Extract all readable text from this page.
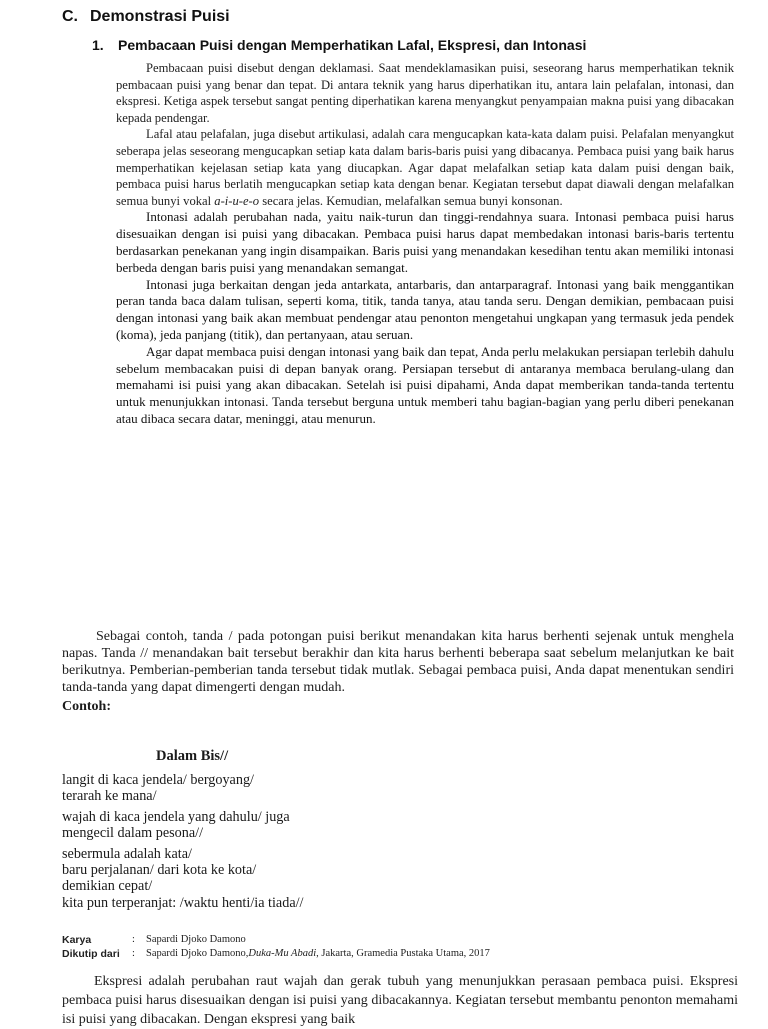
C. Demonstrasi Puisi
1. Pembacaan Puisi dengan Memperhatikan Lafal, Ekspresi, dan Intonasi

Pembacaan puisi disebut dengan deklamasi. Saat mendeklamasikan puisi, seseorang harus memperhatikan teknik pembacaan puisi yang benar dan tepat. Di antara teknik yang harus diperhatikan itu, antara lain pelafalan, intonasi, dan ekspresi. Ketiga aspek tersebut sangat penting diperhatikan karena menyangkut penyampaian makna puisi yang dibacakan kepada pendengar.

Lafal atau pelafalan, juga disebut artikulasi, adalah cara mengucapkan kata-kata dalam puisi. Pelafalan menyangkut seberapa jelas seseorang mengucapkan setiap kata dalam baris-baris puisi yang dibacanya. Pembaca puisi yang baik harus memperhatikan kejelasan setiap kata yang diucapkan. Agar dapat melafalkan setiap kata dalam puisi dengan baik, pembaca puisi harus berlatih mengucapkan setiap kata dengan benar. Kegiatan tersebut dapat diawali dengan melafalkan semua bunyi vokal a-i-u-e-o secara jelas. Kemudian, melafalkan semua bunyi konsonan.

Intonasi adalah perubahan nada, yaitu naik-turun dan tinggi-rendahnya suara. Intonasi pembaca puisi harus disesuaikan dengan isi puisi yang dibacakan. Pembaca puisi harus dapat membedakan intonasi baris-baris tertentu berdasarkan penekanan yang ingin disampaikan. Baris puisi yang menandakan kesedihan tentu akan memiliki intonasi berbeda dengan baris puisi yang menandakan semangat.

Intonasi juga berkaitan dengan jeda antarkata, antarbaris, dan antarparagraf. Intonasi yang baik menggantikan peran tanda baca dalam tulisan, seperti koma, titik, tanda tanya, atau tanda seru. Dengan demikian, pembacaan puisi dengan intonasi yang baik akan membuat pendengar atau penonton mengetahui ungkapan yang termasuk jeda pendek (koma), jeda panjang (titik), dan pertanyaan, atau seruan.

Agar dapat membaca puisi dengan intonasi yang baik dan tepat, Anda perlu melakukan persiapan terlebih dahulu sebelum membacakan puisi di depan banyak orang. Persiapan tersebut di antaranya membaca berulang-ulang dan memahami isi puisi yang akan dibacakan. Setelah isi puisi dipahami, Anda dapat memberikan tanda-tanda tertentu untuk menunjukkan intonasi. Tanda tersebut berguna untuk memberi tahu bagian-bagian yang perlu diberi penekanan atau dibaca secara datar, meninggi, atau menurun.

Sebagai contoh, tanda / pada potongan puisi berikut menandakan kita harus berhenti sejenak untuk menghela napas. Tanda // menandakan bait tersebut berakhir dan kita harus berhenti beberapa saat sebelum melanjutkan ke bait berikutnya. Pemberian-pemberian tanda tersebut tidak mutlak. Sebagai pembaca puisi, Anda dapat menentukan sendiri tanda-tanda yang dapat dimengerti dengan mudah.

Contoh:
Dalam Bis//
langit di kaca jendela/ bergoyang/
terarah ke mana/
wajah di kaca jendela yang dahulu/ juga
mengecil dalam pesona//
sebermula adalah kata/
baru perjalanan/ dari kota ke kota/
demikian cepat/
kita pun terperanjat: /waktu henti/ia tiada//
Karya	:	Sapardi Djoko Damono
Dikutip dari	:	Sapardi Djoko Damono, Duka-Mu Abadi , Jakarta, Gramedia Pustaka Utama, 2017

Ekspresi adalah perubahan raut wajah dan gerak tubuh yang menunjukkan perasaan pembaca puisi. Ekspresi pembaca puisi harus disesuaikan dengan isi puisi yang dibacakannya. Kegiatan tersebut membantu penonton memahami isi puisi yang dibacakan. Dengan ekspresi yang baik
